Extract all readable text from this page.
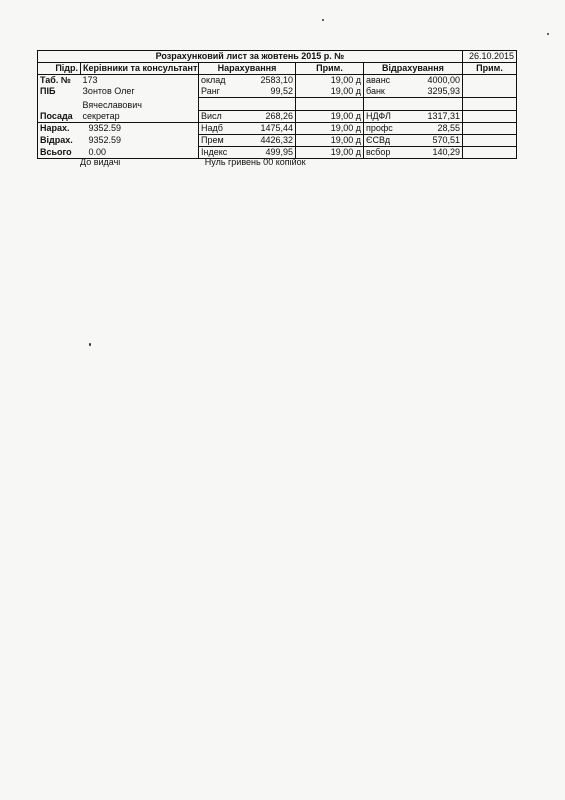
Розрахунковий лист за жовтень 2015 р. №							26.10.2015
Підр.	Керівники та консультант	Нарахування		Прим.	Відрахування		Прим.
Таб. №	173	оклад	2583,10	19,00 д	аванс	4000,00	
ПІБ	Зонтов Олег	Ранг	99,52	19,00 д	банк	3295,93	
	Вячеславович						
Посада	секретар	Висл	268,26	19,00 д	НДФЛ	1317,31	
Нарах.	9352.59	Надб	1475,44	19,00 д	профс	28,55	
Відрах.	9352.59	Прем	4426,32	19,00 д	ЄСВд	570,51	
Всього	0.00	Індекс	499,95	19,00 д	всбор	140,29	
До видачі	Нуль гривень 00 копійок
